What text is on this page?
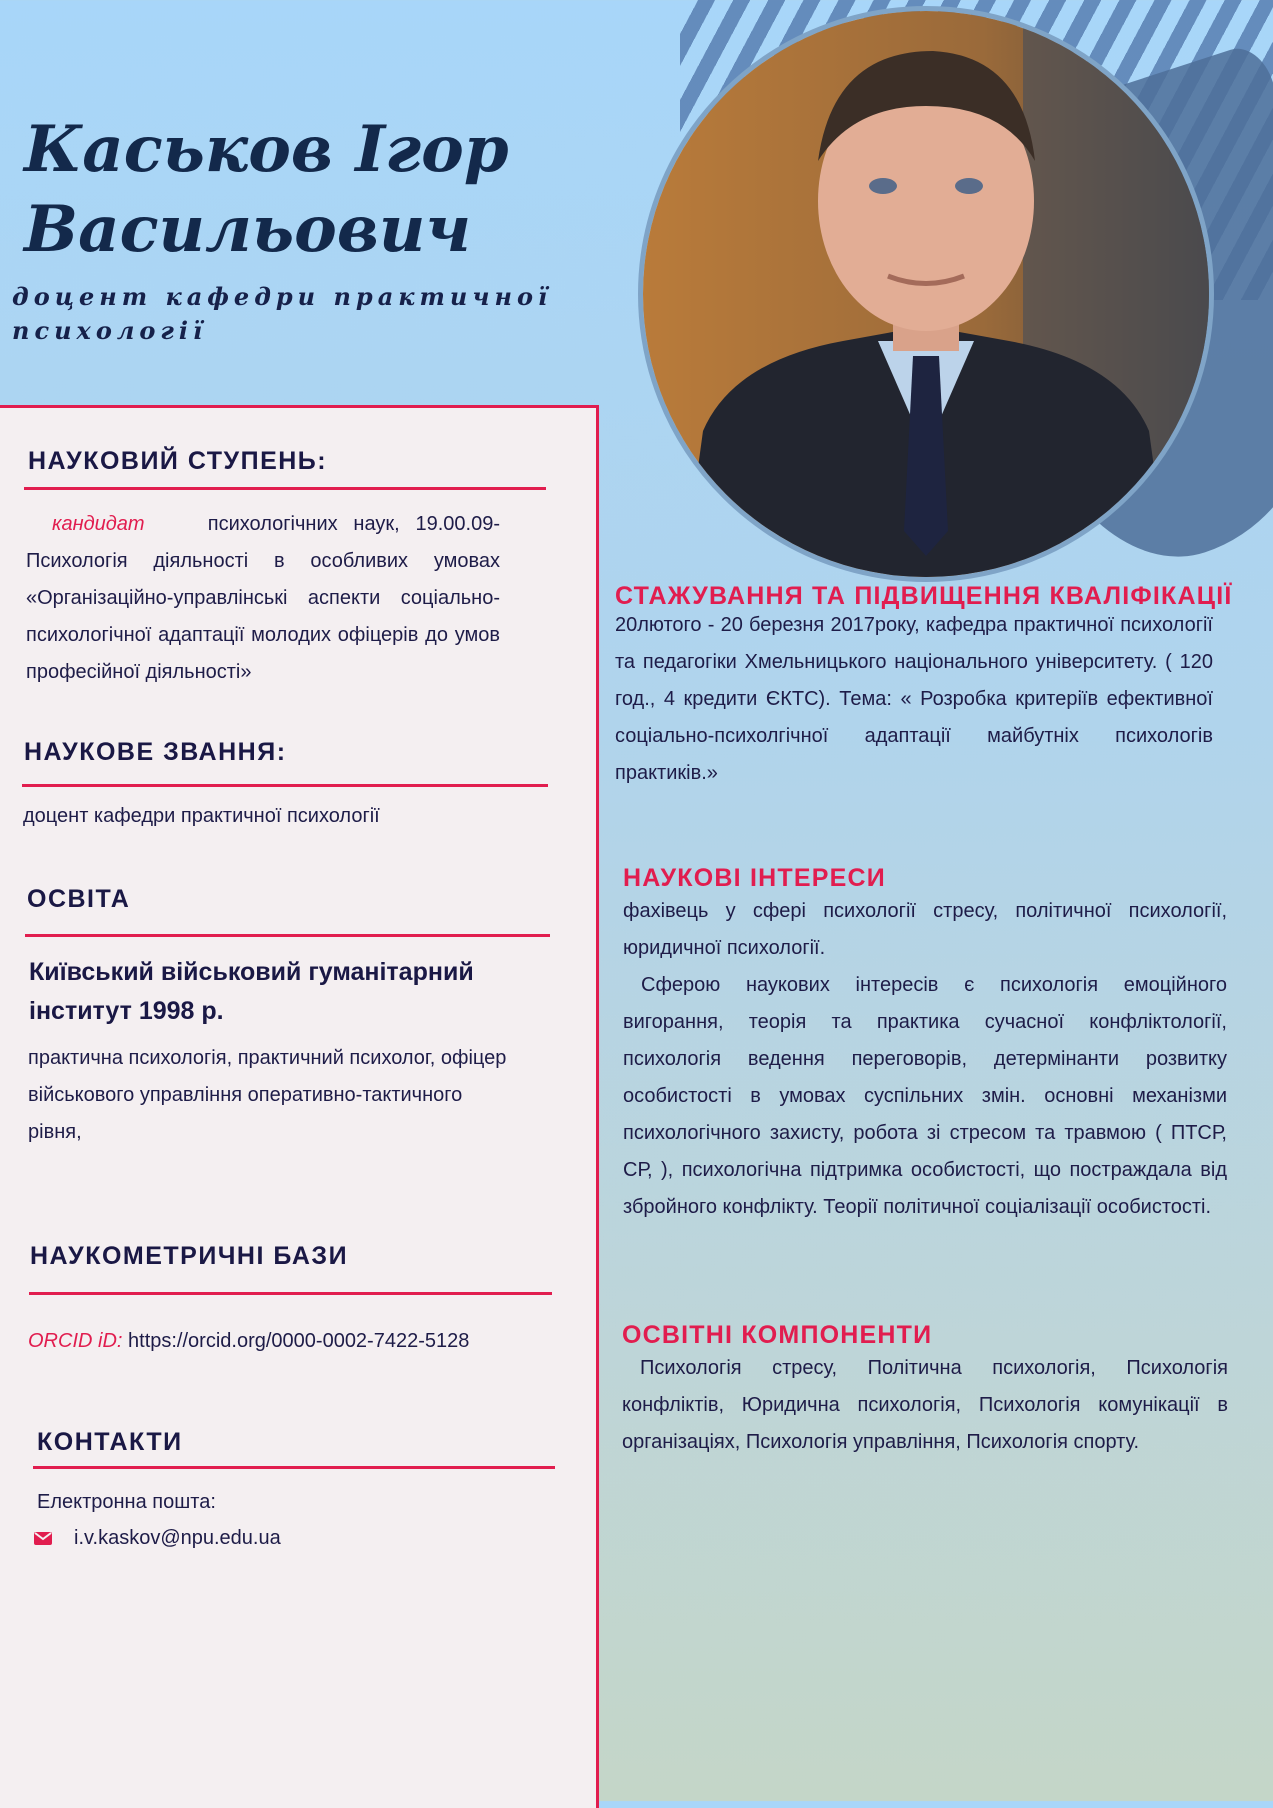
Каськов Ігор Васильович

доцент кафедри практичної психології

НАУКОВИЙ СТУПЕНЬ:

кандидат	психологічних наук, 19.00.09- Психологія діяльності в особливих умовах «Організаційно-управлінські аспекти соціально-психологічної адаптації молодих офіцерів до умов професійної діяльності»

НАУКОВЕ ЗВАННЯ:

доцент кафедри практичної психології

ОСВІТА

Київський військовий гуманітарний інститут 1998 р.

практична психологія, практичний психолог, офіцер військового управління оперативно-тактичного рівня,

НАУКОМЕТРИЧНІ БАЗИ

ORCID iD: https://orcid.org/0000-0002-7422-5128

КОНТАКТИ

Електронна пошта:

i.v.kaskov@npu.edu.ua
СТАЖУВАННЯ ТА ПІДВИЩЕННЯ КВАЛІФІКАЦІЇ

20лютого - 20 березня 2017року, кафедра практичної психології та педагогіки Хмельницького національного університету. ( 120 год., 4 кредити ЄКТС). Тема: « Розробка критеріїв ефективної соціально-психолгічної адаптації майбутніх психологів практиків.»

НАУКОВІ ІНТЕРЕСИ

фахівець у сфері психології стресу, політичної психології, юридичної психології.

Сферою наукових інтересів є психологія емоційного вигорання, теорія та практика сучасної конфліктології, психологія ведення переговорів, детермінанти розвитку особистості в умовах суспільних змін. основні механізми психологічного захисту, робота зі стресом та травмою ( ПТСР, СР, ), психологічна підтримка особистості, що постраждала від збройного конфлікту. Теорії політичної соціалізації особистості.

ОСВІТНІ КОМПОНЕНТИ

Психологія стресу, Політична психологія, Психологія конфліктів, Юридична психологія, Психологія комунікації в організаціях, Психологія управління, Психологія спорту.
